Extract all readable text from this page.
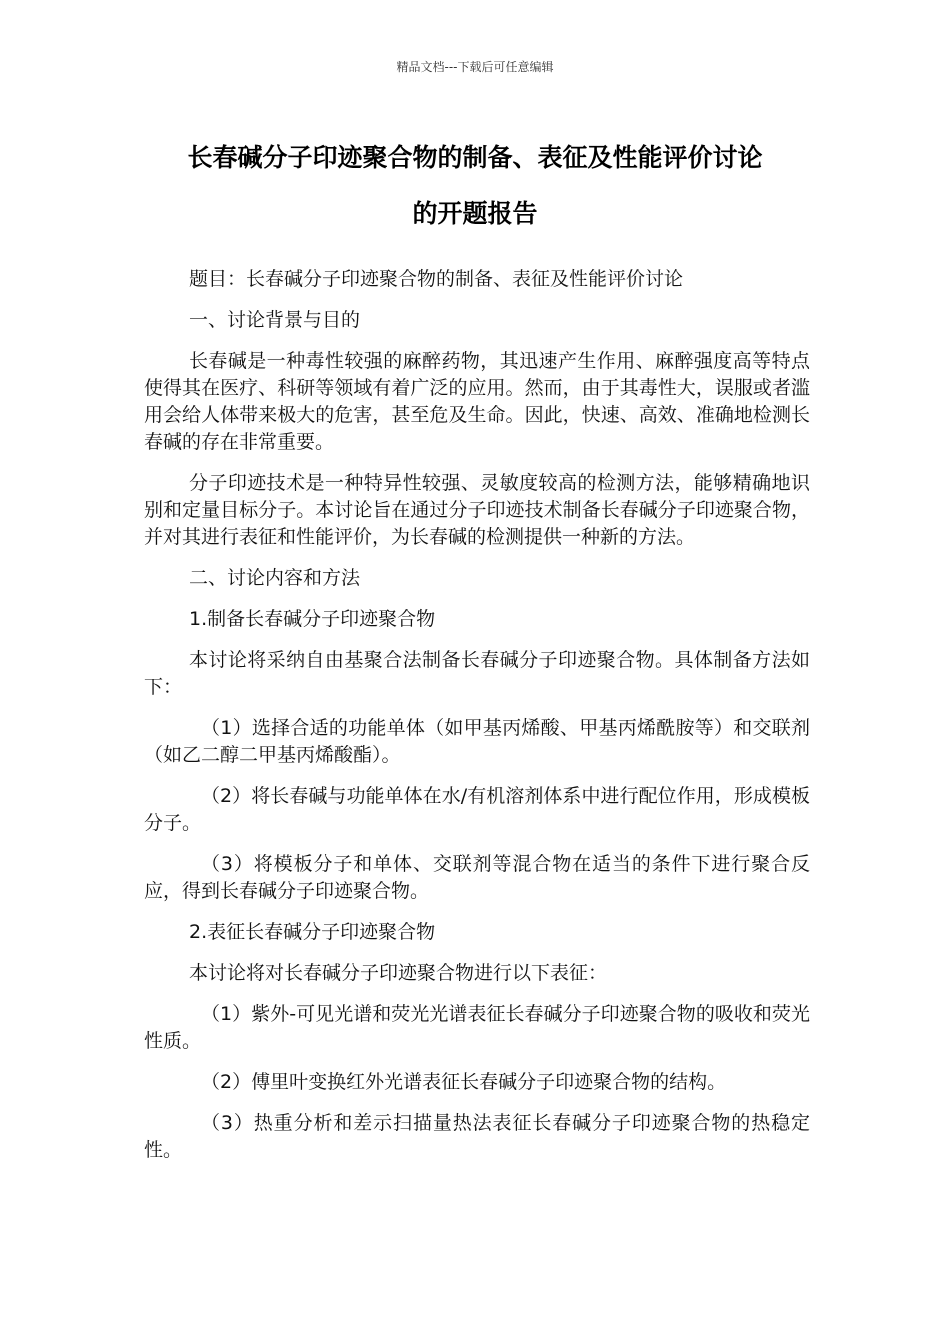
精品文档---下载后可任意编辑
长春碱分子印迹聚合物的制备、表征及性能评价讨论
的开题报告

题目：长春碱分子印迹聚合物的制备、表征及性能评价讨论

一、讨论背景与目的

长春碱是一种毒性较强的麻醉药物，其迅速产生作用、麻醉强度高等特点使得其在医疗、科研等领域有着广泛的应用。然而，由于其毒性大，误服或者滥用会给人体带来极大的危害，甚至危及生命。因此，快速、高效、准确地检测长春碱的存在非常重要。

分子印迹技术是一种特异性较强、灵敏度较高的检测方法，能够精确地识别和定量目标分子。本讨论旨在通过分子印迹技术制备长春碱分子印迹聚合物，并对其进行表征和性能评价，为长春碱的检测提供一种新的方法。

二、讨论内容和方法

1.制备长春碱分子印迹聚合物

本讨论将采纳自由基聚合法制备长春碱分子印迹聚合物。具体制备方法如下：

（1）选择合适的功能单体（如甲基丙烯酸、甲基丙烯酰胺等）和交联剂（如乙二醇二甲基丙烯酸酯）。

（2）将长春碱与功能单体在水/有机溶剂体系中进行配位作用，形成模板分子。

（3）将模板分子和单体、交联剂等混合物在适当的条件下进行聚合反应，得到长春碱分子印迹聚合物。

2.表征长春碱分子印迹聚合物

本讨论将对长春碱分子印迹聚合物进行以下表征：

（1）紫外-可见光谱和荧光光谱表征长春碱分子印迹聚合物的吸收和荧光性质。

（2）傅里叶变换红外光谱表征长春碱分子印迹聚合物的结构。

（3）热重分析和差示扫描量热法表征长春碱分子印迹聚合物的热稳定性。
